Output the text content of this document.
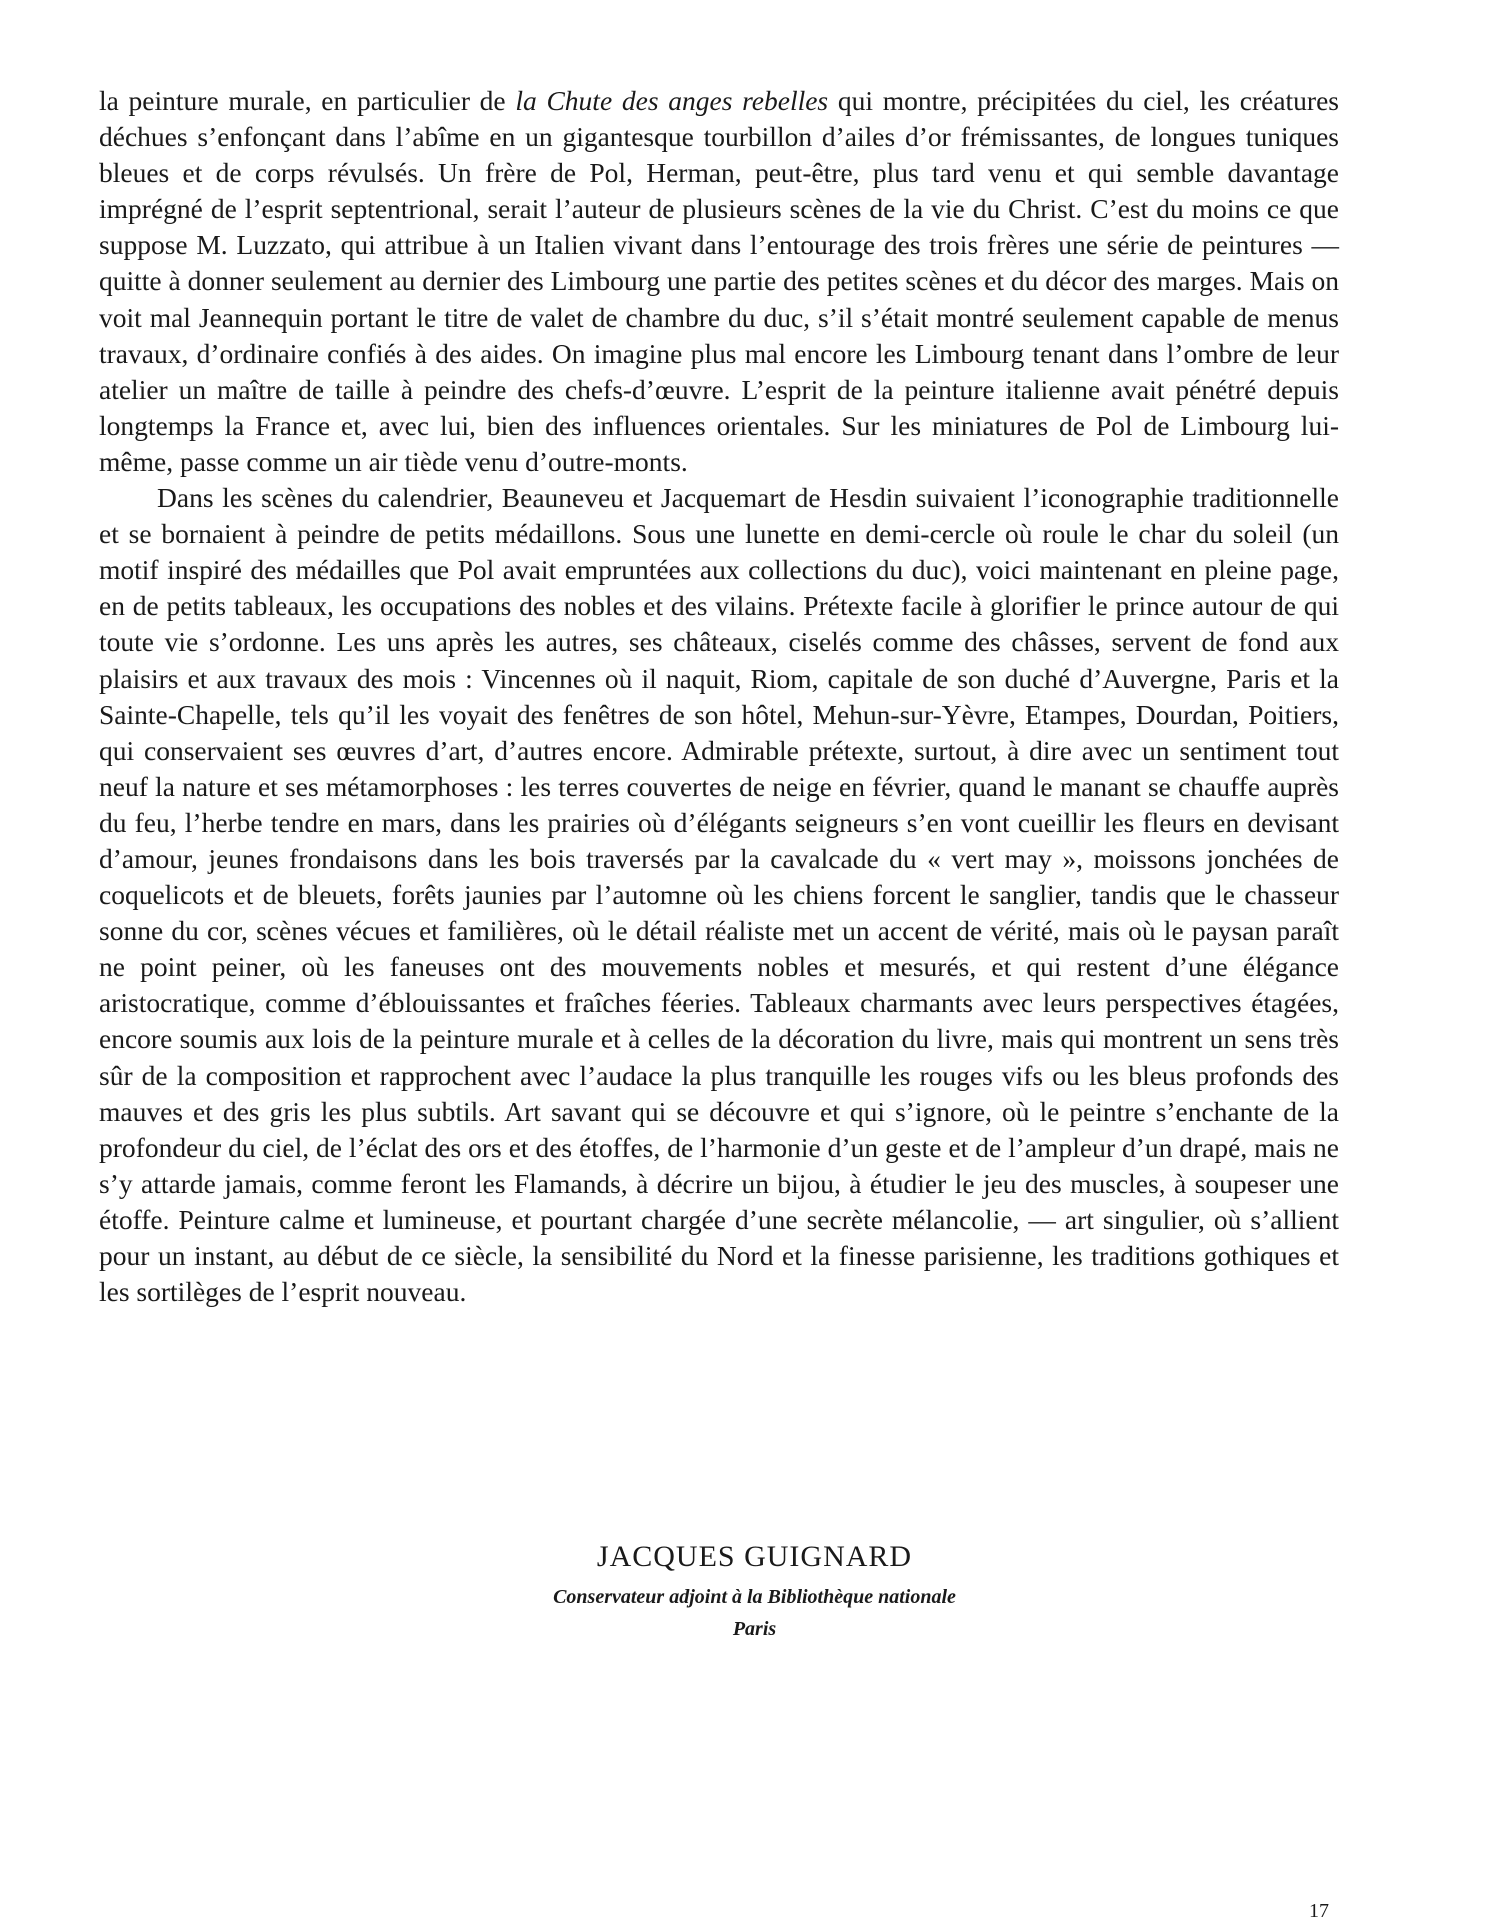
la peinture murale, en particulier de la Chute des anges rebelles qui montre, précipitées du ciel, les créatures déchues s’enfonçant dans l’abîme en un gigantesque tourbillon d’ailes d’or frémissantes, de longues tuniques bleues et de corps révulsés. Un frère de Pol, Herman, peut-être, plus tard venu et qui semble davantage imprégné de l’esprit septentrional, serait l’auteur de plusieurs scènes de la vie du Christ. C’est du moins ce que suppose M. Luzzato, qui attribue à un Italien vivant dans l’entourage des trois frères une série de peintures — quitte à donner seulement au dernier des Limbourg une partie des petites scènes et du décor des marges. Mais on voit mal Jeannequin portant le titre de valet de chambre du duc, s’il s’était montré seulement capable de menus travaux, d’ordinaire confiés à des aides. On imagine plus mal encore les Limbourg tenant dans l’ombre de leur atelier un maître de taille à peindre des chefs-d’œuvre. L’esprit de la peinture italienne avait pénétré depuis longtemps la France et, avec lui, bien des influences orientales. Sur les miniatures de Pol de Limbourg lui-même, passe comme un air tiède venu d’outre-monts.

Dans les scènes du calendrier, Beauneveu et Jacquemart de Hesdin suivaient l’iconographie traditionnelle et se bornaient à peindre de petits médaillons. Sous une lunette en demi-cercle où roule le char du soleil (un motif inspiré des médailles que Pol avait empruntées aux collections du duc), voici maintenant en pleine page, en de petits tableaux, les occupations des nobles et des vilains. Prétexte facile à glorifier le prince autour de qui toute vie s’ordonne. Les uns après les autres, ses châteaux, ciselés comme des châsses, servent de fond aux plaisirs et aux travaux des mois : Vincennes où il naquit, Riom, capitale de son duché d’Auvergne, Paris et la Sainte-Chapelle, tels qu’il les voyait des fenêtres de son hôtel, Mehun-sur-Yèvre, Etampes, Dourdan, Poitiers, qui conservaient ses œuvres d’art, d’autres encore. Admirable prétexte, surtout, à dire avec un sentiment tout neuf la nature et ses métamorphoses : les terres couvertes de neige en février, quand le manant se chauffe auprès du feu, l’herbe tendre en mars, dans les prairies où d’élégants seigneurs s’en vont cueillir les fleurs en devisant d’amour, jeunes frondaisons dans les bois traversés par la cavalcade du « vert may », moissons jonchées de coquelicots et de bleuets, forêts jaunies par l’automne où les chiens forcent le sanglier, tandis que le chasseur sonne du cor, scènes vécues et familières, où le détail réaliste met un accent de vérité, mais où le paysan paraît ne point peiner, où les faneuses ont des mouvements nobles et mesurés, et qui restent d’une élégance aristocratique, comme d’éblouissantes et fraîches féeries. Tableaux charmants avec leurs perspectives étagées, encore soumis aux lois de la peinture murale et à celles de la décoration du livre, mais qui montrent un sens très sûr de la composition et rapprochent avec l’audace la plus tranquille les rouges vifs ou les bleus profonds des mauves et des gris les plus subtils. Art savant qui se découvre et qui s’ignore, où le peintre s’enchante de la profondeur du ciel, de l’éclat des ors et des étoffes, de l’harmonie d’un geste et de l’ampleur d’un drapé, mais ne s’y attarde jamais, comme feront les Flamands, à décrire un bijou, à étudier le jeu des muscles, à soupeser une étoffe. Peinture calme et lumineuse, et pourtant chargée d’une secrète mélancolie, — art singulier, où s’allient pour un instant, au début de ce siècle, la sensibilité du Nord et la finesse parisienne, les traditions gothiques et les sortilèges de l’esprit nouveau.

JACQUES GUIGNARD
Conservateur adjoint à la Bibliothèque nationale
Paris
17
